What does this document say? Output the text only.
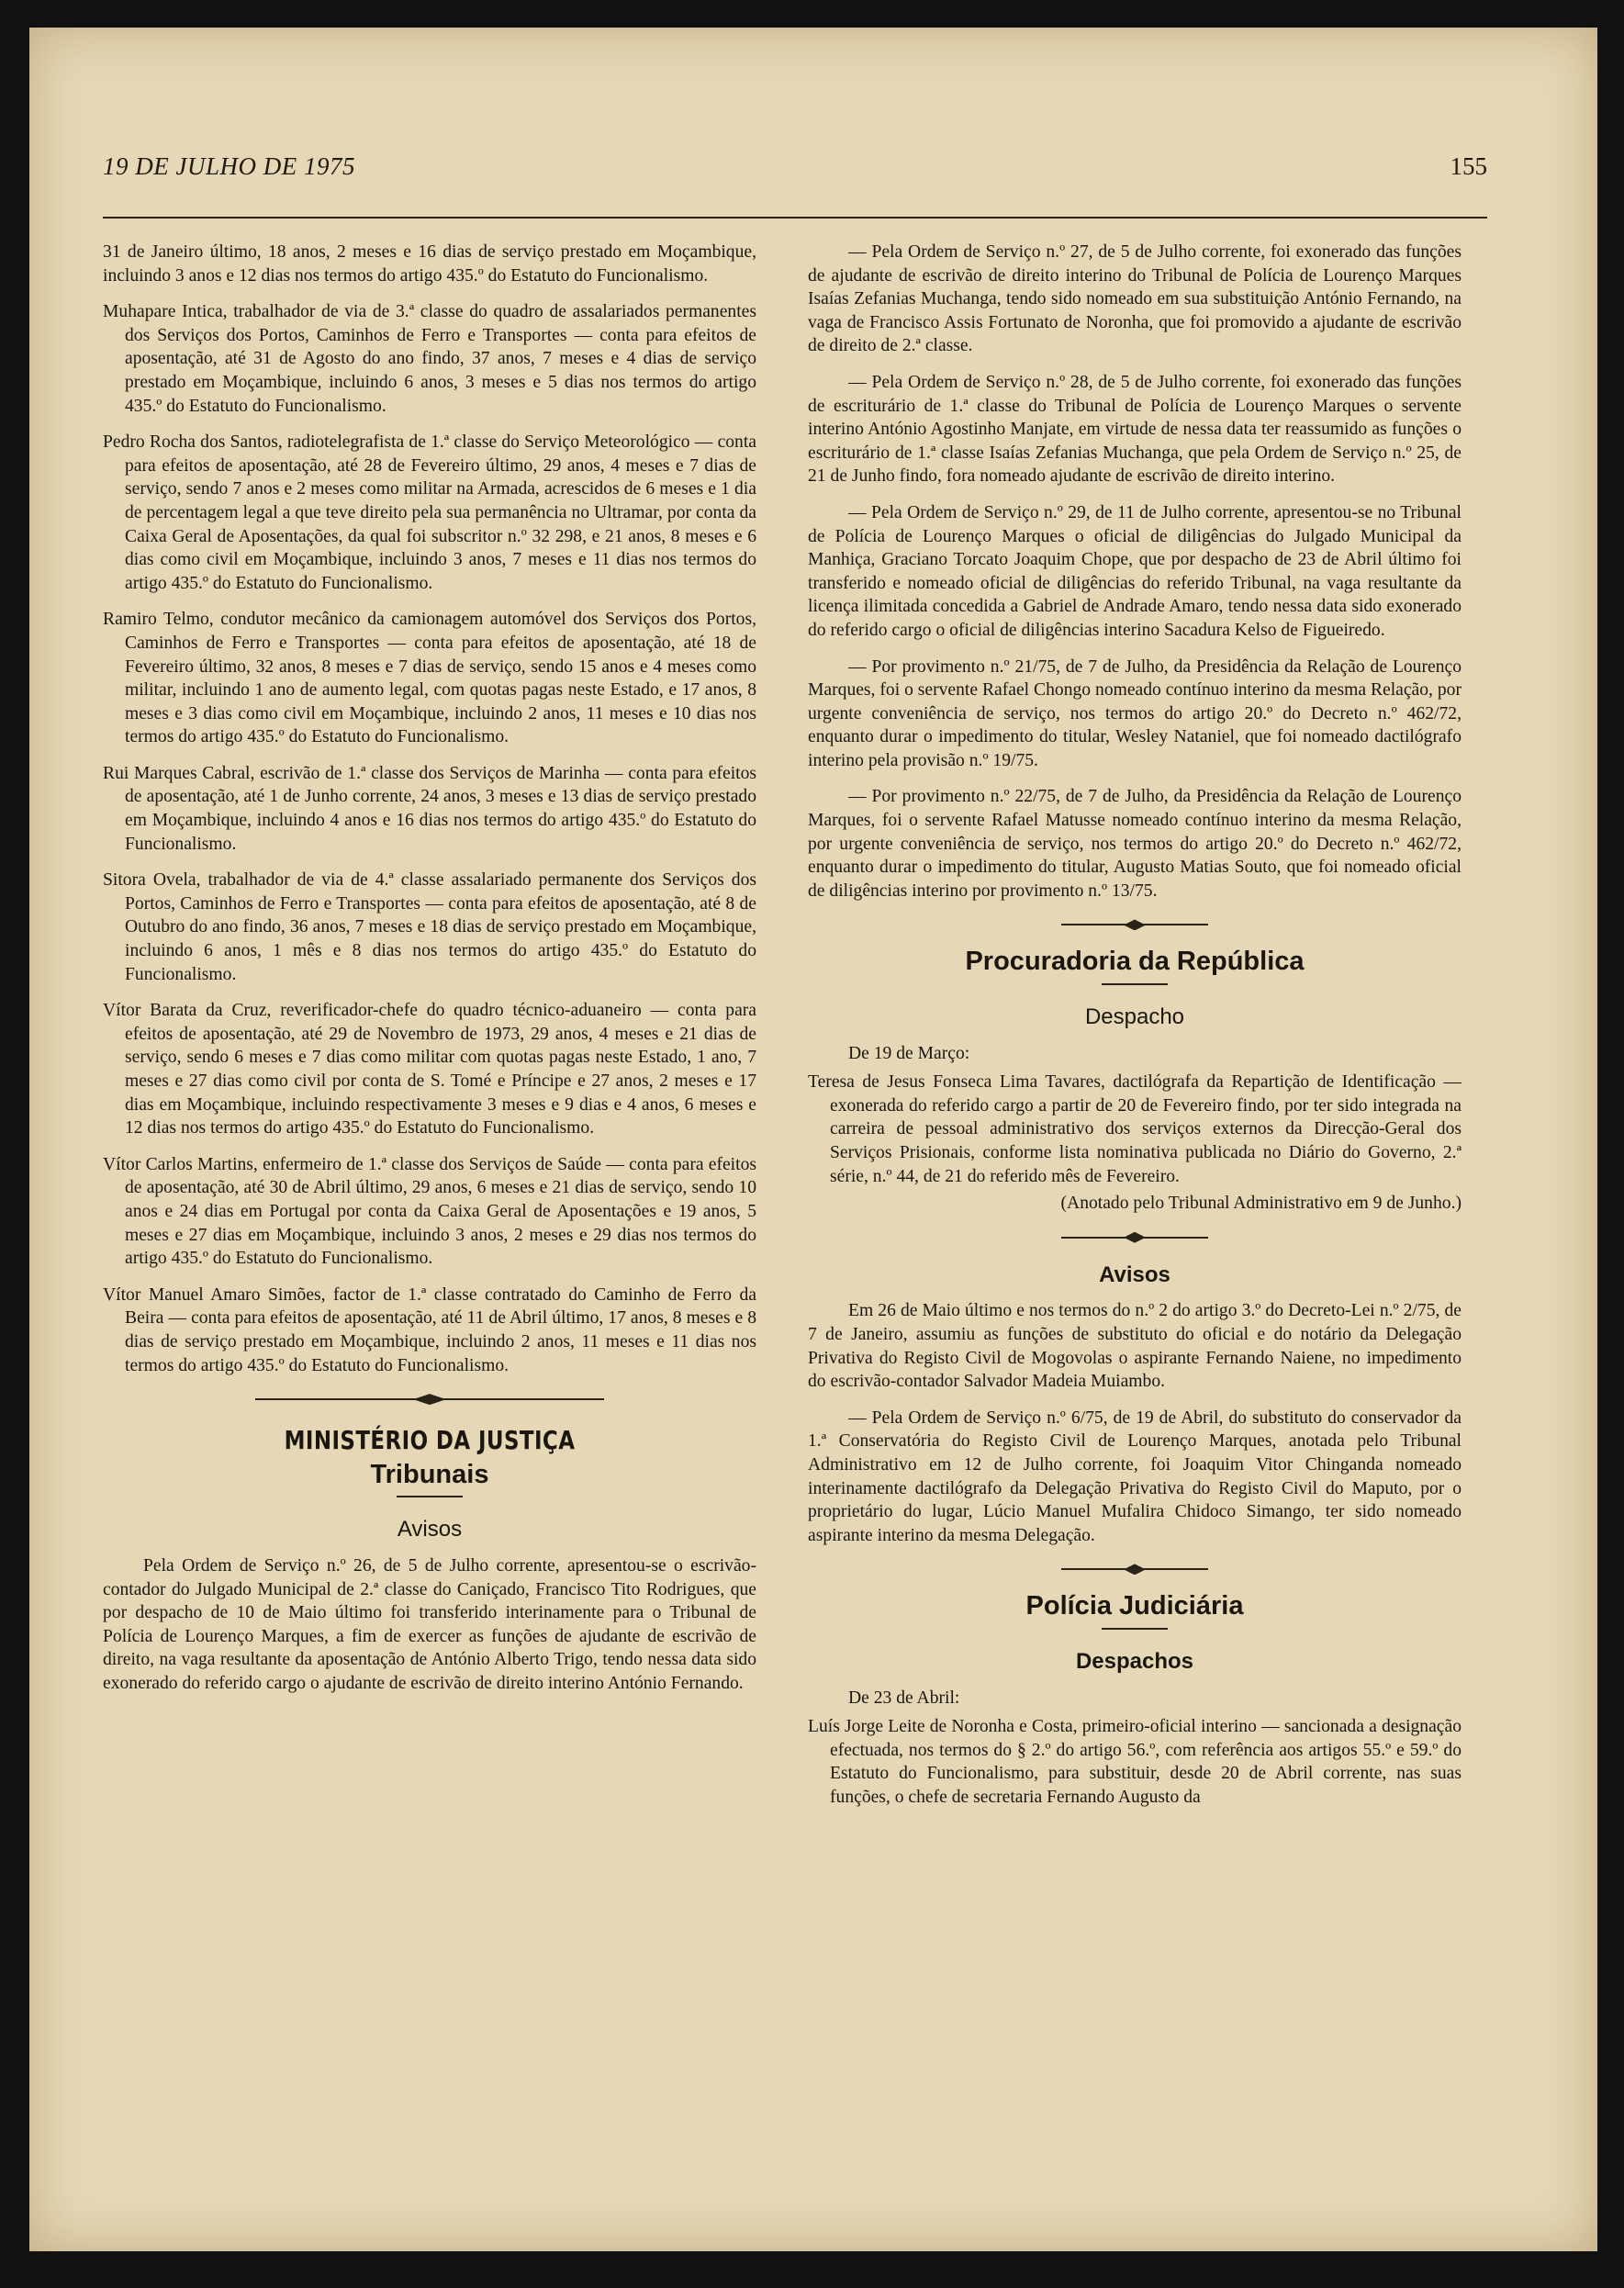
19 DE JULHO DE 1975	155

31 de Janeiro último, 18 anos, 2 meses e 16 dias de serviço prestado em Moçambique, incluindo 3 anos e 12 dias nos termos do artigo 435.º do Estatuto do Funcionalismo.

Muhapare Intica, trabalhador de via de 3.ª classe do quadro de assalariados permanentes dos Serviços dos Portos, Caminhos de Ferro e Transportes — conta para efeitos de aposentação, até 31 de Agosto do ano findo, 37 anos, 7 meses e 4 dias de serviço prestado em Moçambique, incluindo 6 anos, 3 meses e 5 dias nos termos do artigo 435.º do Estatuto do Funcionalismo.

Pedro Rocha dos Santos, radiotelegrafista de 1.ª classe do Serviço Meteorológico — conta para efeitos de aposentação, até 28 de Fevereiro último, 29 anos, 4 meses e 7 dias de serviço, sendo 7 anos e 2 meses como militar na Armada, acrescidos de 6 meses e 1 dia de percentagem legal a que teve direito pela sua permanência no Ultramar, por conta da Caixa Geral de Aposentações, da qual foi subscritor n.º 32 298, e 21 anos, 8 meses e 6 dias como civil em Moçambique, incluindo 3 anos, 7 meses e 11 dias nos termos do artigo 435.º do Estatuto do Funcionalismo.

Ramiro Telmo, condutor mecânico da camionagem automóvel dos Serviços dos Portos, Caminhos de Ferro e Transportes — conta para efeitos de aposentação, até 18 de Fevereiro último, 32 anos, 8 meses e 7 dias de serviço, sendo 15 anos e 4 meses como militar, incluindo 1 ano de aumento legal, com quotas pagas neste Estado, e 17 anos, 8 meses e 3 dias como civil em Moçambique, incluindo 2 anos, 11 meses e 10 dias nos termos do artigo 435.º do Estatuto do Funcionalismo.

Rui Marques Cabral, escrivão de 1.ª classe dos Serviços de Marinha — conta para efeitos de aposentação, até 1 de Junho corrente, 24 anos, 3 meses e 13 dias de serviço prestado em Moçambique, incluindo 4 anos e 16 dias nos termos do artigo 435.º do Estatuto do Funcionalismo.

Sitora Ovela, trabalhador de via de 4.ª classe assalariado permanente dos Serviços dos Portos, Caminhos de Ferro e Transportes — conta para efeitos de aposentação, até 8 de Outubro do ano findo, 36 anos, 7 meses e 18 dias de serviço prestado em Moçambique, incluindo 6 anos, 1 mês e 8 dias nos termos do artigo 435.º do Estatuto do Funcionalismo.

Vítor Barata da Cruz, reverificador-chefe do quadro técnico-aduaneiro — conta para efeitos de aposentação, até 29 de Novembro de 1973, 29 anos, 4 meses e 21 dias de serviço, sendo 6 meses e 7 dias como militar com quotas pagas neste Estado, 1 ano, 7 meses e 27 dias como civil por conta de S. Tomé e Príncipe e 27 anos, 2 meses e 17 dias em Moçambique, incluindo respectivamente 3 meses e 9 dias e 4 anos, 6 meses e 12 dias nos termos do artigo 435.º do Estatuto do Funcionalismo.

Vítor Carlos Martins, enfermeiro de 1.ª classe dos Serviços de Saúde — conta para efeitos de aposentação, até 30 de Abril último, 29 anos, 6 meses e 21 dias de serviço, sendo 10 anos e 24 dias em Portugal por conta da Caixa Geral de Aposentações e 19 anos, 5 meses e 27 dias em Moçambique, incluindo 3 anos, 2 meses e 29 dias nos termos do artigo 435.º do Estatuto do Funcionalismo.

Vítor Manuel Amaro Simões, factor de 1.ª classe contratado do Caminho de Ferro da Beira — conta para efeitos de aposentação, até 11 de Abril último, 17 anos, 8 meses e 8 dias de serviço prestado em Moçambique, incluindo 2 anos, 11 meses e 11 dias nos termos do artigo 435.º do Estatuto do Funcionalismo.

MINISTÉRIO DA JUSTIÇA
Tribunais
Avisos

Pela Ordem de Serviço n.º 26, de 5 de Julho corrente, apresentou-se o escrivão-contador do Julgado Municipal de 2.ª classe do Caniçado, Francisco Tito Rodrigues, que por despacho de 10 de Maio último foi transferido interinamente para o Tribunal de Polícia de Lourenço Marques, a fim de exercer as funções de ajudante de escrivão de direito, na vaga resultante da aposentação de António Alberto Trigo, tendo nessa data sido exonerado do referido cargo o ajudante de escrivão de direito interino António Fernando.

— Pela Ordem de Serviço n.º 27, de 5 de Julho corrente, foi exonerado das funções de ajudante de escrivão de direito interino do Tribunal de Polícia de Lourenço Marques Isaías Zefanias Muchanga, tendo sido nomeado em sua substituição António Fernando, na vaga de Francisco Assis Fortunato de Noronha, que foi promovido a ajudante de escrivão de direito de 2.ª classe.

— Pela Ordem de Serviço n.º 28, de 5 de Julho corrente, foi exonerado das funções de escriturário de 1.ª classe do Tribunal de Polícia de Lourenço Marques o servente interino António Agostinho Manjate, em virtude de nessa data ter reassumido as funções o escriturário de 1.ª classe Isaías Zefanias Muchanga, que pela Ordem de Serviço n.º 25, de 21 de Junho findo, fora nomeado ajudante de escrivão de direito interino.

— Pela Ordem de Serviço n.º 29, de 11 de Julho corrente, apresentou-se no Tribunal de Polícia de Lourenço Marques o oficial de diligências do Julgado Municipal da Manhiça, Graciano Torcato Joaquim Chope, que por despacho de 23 de Abril último foi transferido e nomeado oficial de diligências do referido Tribunal, na vaga resultante da licença ilimitada concedida a Gabriel de Andrade Amaro, tendo nessa data sido exonerado do referido cargo o oficial de diligências interino Sacadura Kelso de Figueiredo.

— Por provimento n.º 21/75, de 7 de Julho, da Presidência da Relação de Lourenço Marques, foi o servente Rafael Chongo nomeado contínuo interino da mesma Relação, por urgente conveniência de serviço, nos termos do artigo 20.º do Decreto n.º 462/72, enquanto durar o impedimento do titular, Wesley Nataniel, que foi nomeado dactilógrafo interino pela provisão n.º 19/75.

— Por provimento n.º 22/75, de 7 de Julho, da Presidência da Relação de Lourenço Marques, foi o servente Rafael Matusse nomeado contínuo interino da mesma Relação, por urgente conveniência de serviço, nos termos do artigo 20.º do Decreto n.º 462/72, enquanto durar o impedimento do titular, Augusto Matias Souto, que foi nomeado oficial de diligências interino por provimento n.º 13/75.

Procuradoria da República
Despacho

De 19 de Março:

Teresa de Jesus Fonseca Lima Tavares, dactilógrafa da Repartição de Identificação — exonerada do referido cargo a partir de 20 de Fevereiro findo, por ter sido integrada na carreira de pessoal administrativo dos serviços externos da Direcção-Geral dos Serviços Prisionais, conforme lista nominativa publicada no Diário do Governo, 2.ª série, n.º 44, de 21 do referido mês de Fevereiro.

(Anotado pelo Tribunal Administrativo em 9 de Junho.)

Avisos

Em 26 de Maio último e nos termos do n.º 2 do artigo 3.º do Decreto-Lei n.º 2/75, de 7 de Janeiro, assumiu as funções de substituto do oficial e do notário da Delegação Privativa do Registo Civil de Mogovolas o aspirante Fernando Naiene, no impedimento do escrivão-contador Salvador Madeia Muiambo.

— Pela Ordem de Serviço n.º 6/75, de 19 de Abril, do substituto do conservador da 1.ª Conservatória do Registo Civil de Lourenço Marques, anotada pelo Tribunal Administrativo em 12 de Julho corrente, foi Joaquim Vitor Chinganda nomeado interinamente dactilógrafo da Delegação Privativa do Registo Civil do Maputo, por o proprietário do lugar, Lúcio Manuel Mufalira Chidoco Simango, ter sido nomeado aspirante interino da mesma Delegação.

Polícia Judiciária
Despachos

De 23 de Abril:

Luís Jorge Leite de Noronha e Costa, primeiro-oficial interino — sancionada a designação efectuada, nos termos do § 2.º do artigo 56.º, com referência aos artigos 55.º e 59.º do Estatuto do Funcionalismo, para substituir, desde 20 de Abril corrente, nas suas funções, o chefe de secretaria Fernando Augusto da
